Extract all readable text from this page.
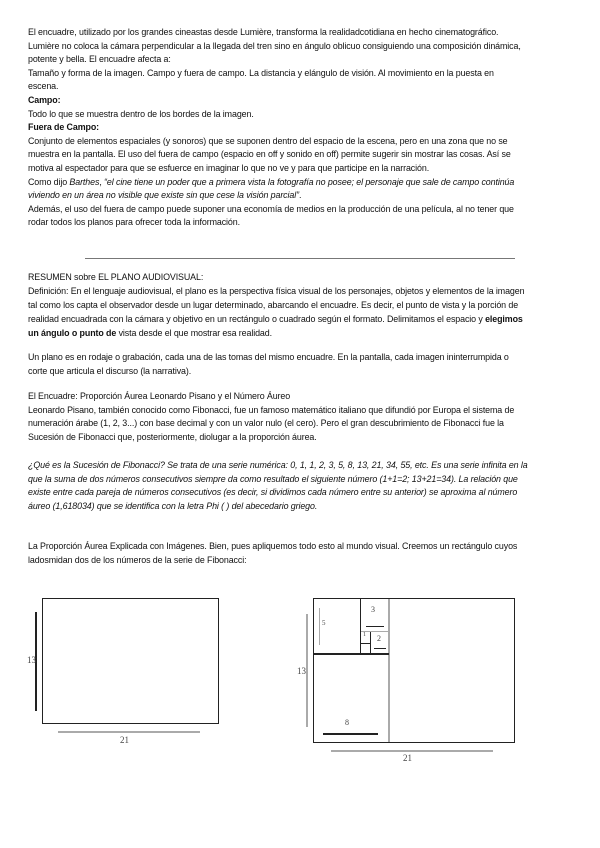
El encuadre, utilizado por los grandes cineastas desde Lumière, transforma la realidadcotidiana en hecho cinematográfico.
Lumière no coloca la cámara perpendicular a la llegada del tren sino en ángulo oblicuo consiguiendo una composición dinámica,
potente y bella. El encuadre afecta a:
Tamaño y forma de la imagen. Campo y fuera de campo. La distancia y elángulo de visión. Al movimiento en la puesta en
escena.
Campo:
Todo lo que se muestra dentro de los bordes de la imagen.
Fuera de Campo:
Conjunto de elementos espaciales (y sonoros) que se suponen dentro del espacio de la escena, pero en una zona que no se
muestra en la pantalla. El uso del fuera de campo (espacio en off y sonido en off) permite sugerir sin mostrar las cosas. Así se
motiva al espectador para que se esfuerce en imaginar lo que no ve y para que participe en la narración.
Como dijo Barthes, “el cine tiene un poder que a primera vista la fotografía no posee; el personaje que sale de campo continúa
viviendo en un área no visible que existe sin que cese la visión parcial”.
Además, el uso del fuera de campo puede suponer una economía de medios en la producción de una película, al no tener que
rodar todos los planos para ofrecer toda la información.
RESUMEN sobre EL PLANO AUDIOVISUAL:
Definición: En el lenguaje audiovisual, el plano es la perspectiva física visual de los personajes, objetos y elementos de la imagen
tal como los capta el observador desde un lugar determinado, abarcando el encuadre. Es decir, el punto de vista y la porción de
realidad encuadrada con la cámara y objetivo en un rectángulo o cuadrado según el formato. Delimitamos el espacio y elegimos
un ángulo o punto de vista desde el que mostrar esa realidad.
Un plano es en rodaje o grabación, cada una de las tomas del mismo encuadre. En la pantalla, cada imagen ininterrumpida o
corte que articula el discurso (la narrativa).
El Encuadre: Proporción Áurea Leonardo Pisano y el Número Áureo
Leonardo Pisano, también conocido como Fibonacci, fue un famoso matemático italiano que difundió por Europa el sistema de
numeración árabe (1, 2, 3...) con base decimal y con un valor nulo (el cero). Pero el gran descubrimiento de Fibonacci fue la
Sucesión de Fibonacci que, posteriormente, diolugar a la proporción áurea.
¿Qué es la Sucesión de Fibonacci? Se trata de una serie numérica: 0, 1, 1, 2, 3, 5, 8, 13, 21, 34, 55, etc. Es una serie infinita en la
que la suma de dos números consecutivos siempre da como resultado el siguiente número (1+1=2; 13+21=34). La relación que
existe entre cada pareja de números consecutivos (es decir, si dividimos cada número entre su anterior) se aproxima al número
áureo (1,618034) que se identifica con la letra Phi ( ) del abecedario griego.
La Proporción Áurea Explicada con Imágenes. Bien, pues apliquemos todo esto al mundo visual. Creemos un rectángulo cuyos
ladosmidan dos de los números de la serie de Fibonacci:
13
21
5
3
1 2
8
13
21
